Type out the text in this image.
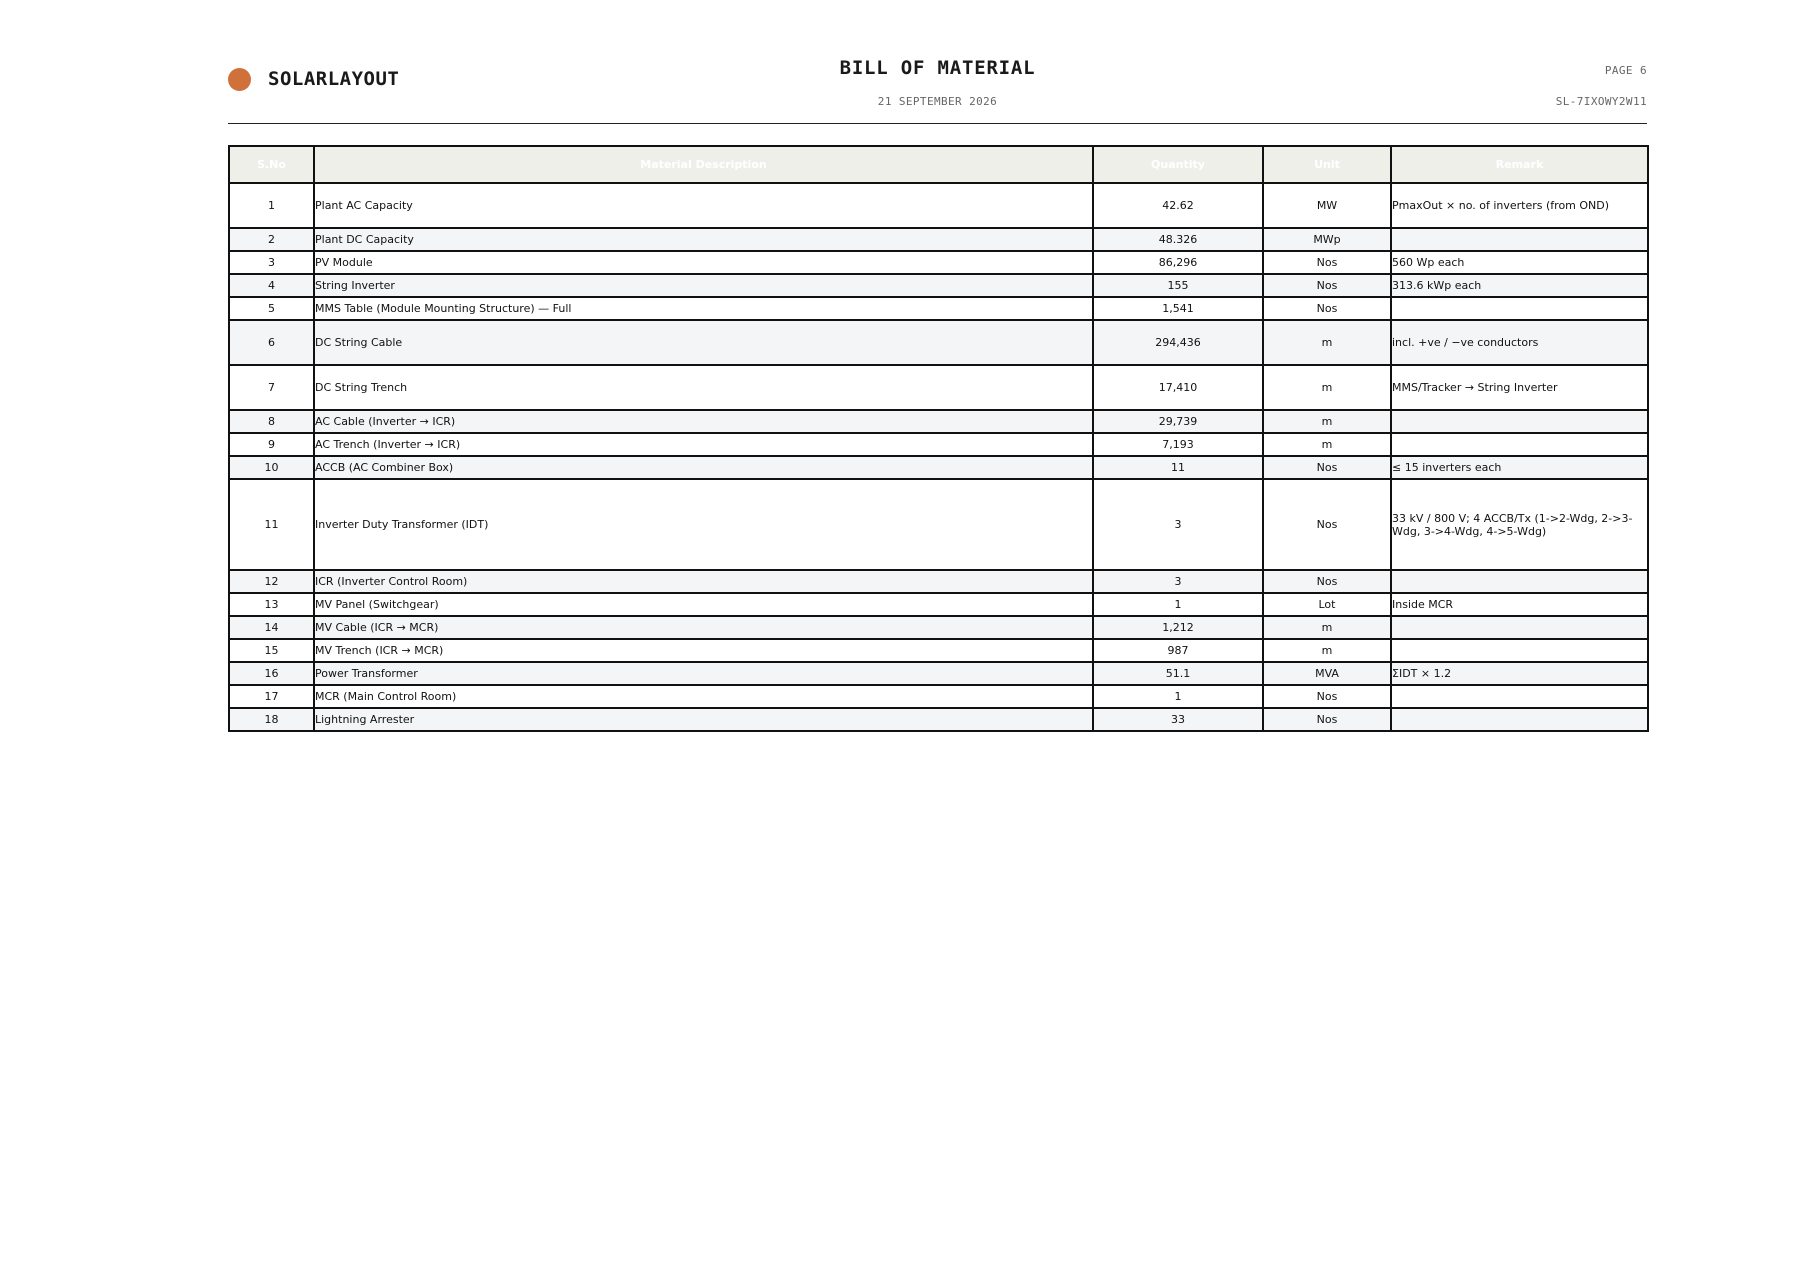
SOLARLAYOUT	BILL OF MATERIAL
21 SEPTEMBER 2026
PAGE 6
SL-7IXOWY2W11
S.No	Material Description	Quantity	Unit	Remark
1	Plant AC Capacity	42.62	MW	PmaxOut × no. of inverters (from OND)
2	Plant DC Capacity	48.326	MWp	
3	PV Module	86,296	Nos	560 Wp each
4	String Inverter	155	Nos	313.6 kWp each
5	MMS Table (Module Mounting Structure) — Full	1,541	Nos	
6	DC String Cable	294,436	m	incl. +ve / −ve conductors
7	DC String Trench	17,410	m	MMS/Tracker → String Inverter
8	AC Cable (Inverter → ICR)	29,739	m	
9	AC Trench (Inverter → ICR)	7,193	m	
10	ACCB (AC Combiner Box)	11	Nos	≤ 15 inverters each
11	Inverter Duty Transformer (IDT)	3	Nos	33 kV / 800 V; 4 ACCB/Tx (1->2-Wdg, 2->3-Wdg, 3->4-Wdg, 4->5-Wdg)
12	ICR (Inverter Control Room)	3	Nos	
13	MV Panel (Switchgear)	1	Lot	Inside MCR
14	MV Cable (ICR → MCR)	1,212	m	
15	MV Trench (ICR → MCR)	987	m	
16	Power Transformer	51.1	MVA	ΣIDT × 1.2
17	MCR (Main Control Room)	1	Nos	
18	Lightning Arrester	33	Nos	
